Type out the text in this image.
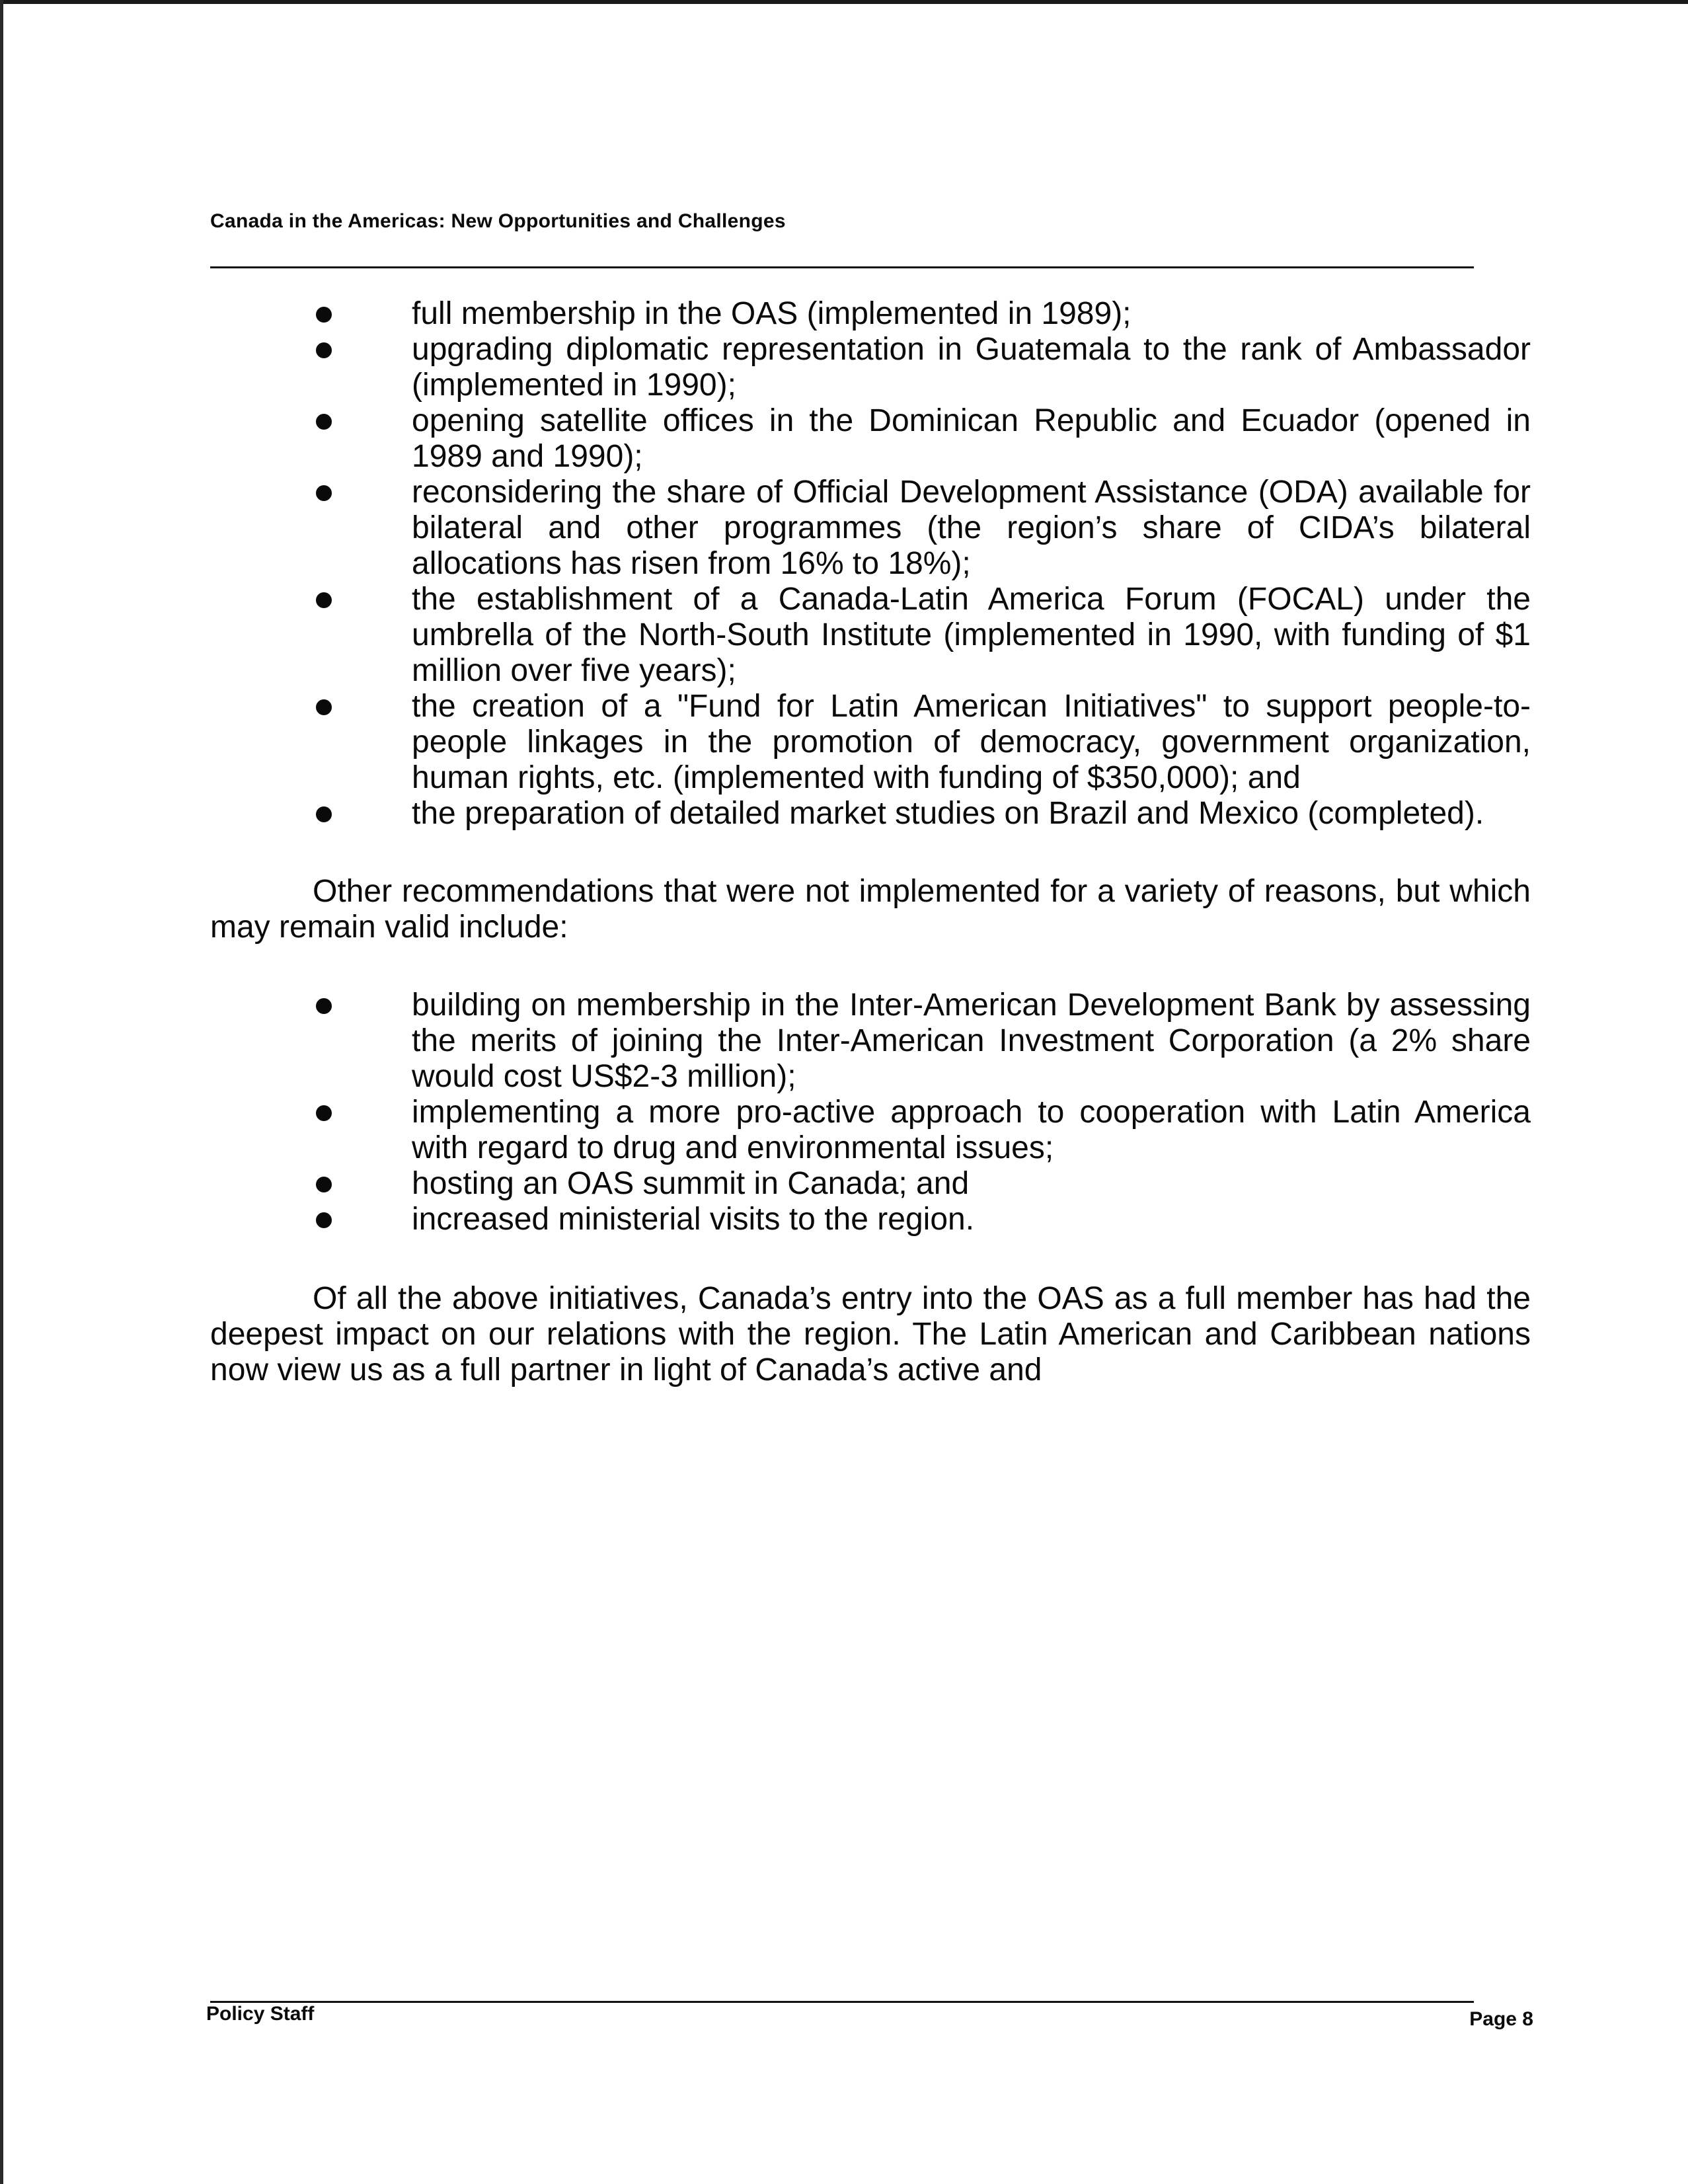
Canada in the Americas: New Opportunities and Challenges
full membership in the OAS (implemented in 1989);
upgrading diplomatic representation in Guatemala to the rank of Ambassador (implemented in 1990);
opening satellite offices in the Dominican Republic and Ecuador (opened in 1989 and 1990);
reconsidering the share of Official Development Assistance (ODA) available for bilateral and other programmes (the region’s share of CIDA’s bilateral allocations has risen from 16% to 18%);
the establishment of a Canada-Latin America Forum (FOCAL) under the umbrella of the North-South Institute (implemented in 1990, with funding of $1 million over five years);
the creation of a "Fund for Latin American Initiatives" to support people-to-people linkages in the promotion of democracy, government organization, human rights, etc. (implemented with funding of $350,000); and
the preparation of detailed market studies on Brazil and Mexico (completed).

Other recommendations that were not implemented for a variety of reasons, but which may remain valid include:

building on membership in the Inter-American Development Bank by assessing the merits of joining the Inter-American Investment Corporation (a 2% share would cost US$2-3 million);
implementing a more pro-active approach to cooperation with Latin America with regard to drug and environmental issues;
hosting an OAS summit in Canada; and
increased ministerial visits to the region.

Of all the above initiatives, Canada’s entry into the OAS as a full member has had the deepest impact on our relations with the region. The Latin American and Caribbean nations now view us as a full partner in light of Canada’s active and

Policy Staff	Page 8
